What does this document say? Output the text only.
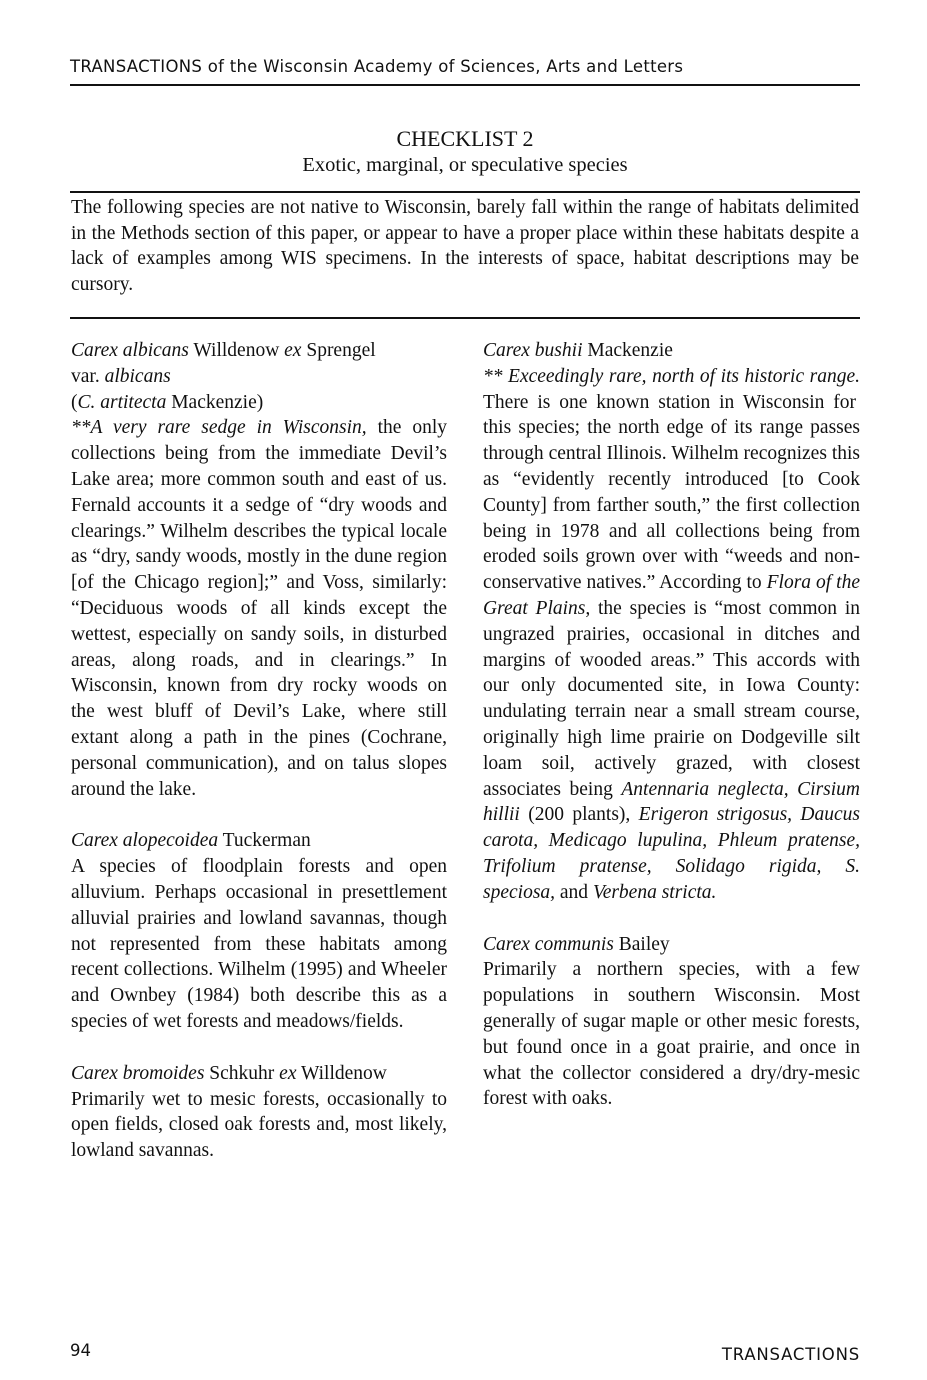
TRANSACTIONS of the Wisconsin Academy of Sciences, Arts and Letters
CHECKLIST 2
Exotic, marginal, or speculative species
The following species are not native to Wisconsin, barely fall within the range of habitats delimited in the Methods section of this paper, or appear to have a proper place within these habitats despite a lack of examples among WIS specimens. In the interests of space, habitat descriptions may be cursory.

Carex albicans Willdenow ex Sprengel

var. albicans

(C. artitecta Mackenzie)

**A very rare sedge in Wisconsin, the only collections being from the immediate Devil’s Lake area; more common south and east of us. Fernald accounts it a sedge of “dry woods and clearings.” Wilhelm describes the typical locale as “dry, sandy woods, mostly in the dune region [of the Chicago region];” and Voss, similarly: “Deciduous woods of all kinds except the wettest, especially on sandy soils, in disturbed areas, along roads, and in clearings.” In Wisconsin, known from dry rocky woods on the west bluff of Devil’s Lake, where still extant along a path in the pines (Cochrane, personal communication), and on talus slopes around the lake.

Carex alopecoidea Tuckerman

A species of floodplain forests and open alluvium. Perhaps occasional in presettlement alluvial prairies and lowland savannas, though not represented from these habitats among recent collections. Wilhelm (1995) and Wheeler and Ownbey (1984) both describe this as a species of wet forests and meadows/fields.

Carex bromoides Schkuhr ex Willdenow

Primarily wet to mesic forests, occasionally to open fields, closed oak forests and, most likely, lowland savannas.

Carex bushii Mackenzie

** Exceedingly rare, north of its historic range. There is one known station in Wisconsin for this species; the north edge of its range passes through central Illinois. Wilhelm recognizes this as “evidently recently introduced [to Cook County] from farther south,” the first collection being in 1978 and all collections being from eroded soils grown over with “weeds and non-conservative natives.” According to Flora of the Great Plains, the species is “most common in ungrazed prairies, occasional in ditches and margins of wooded areas.” This accords with our only documented site, in Iowa County: undulating terrain near a small stream course, originally high lime prairie on Dodgeville silt loam soil, actively grazed, with closest associates being Antennaria neglecta, Cirsium hillii (200 plants), Erigeron strigosus, Daucus carota, Medicago lupulina, Phleum pratense, Trifolium pratense, Solidago rigida, S. speciosa, and Verbena stricta.

Carex communis Bailey

Primarily a northern species, with a few populations in southern Wisconsin. Most generally of sugar maple or other mesic forests, but found once in a goat prairie, and once in what the collector considered a dry/dry-mesic forest with oaks.

94	TRANSACTIONS
